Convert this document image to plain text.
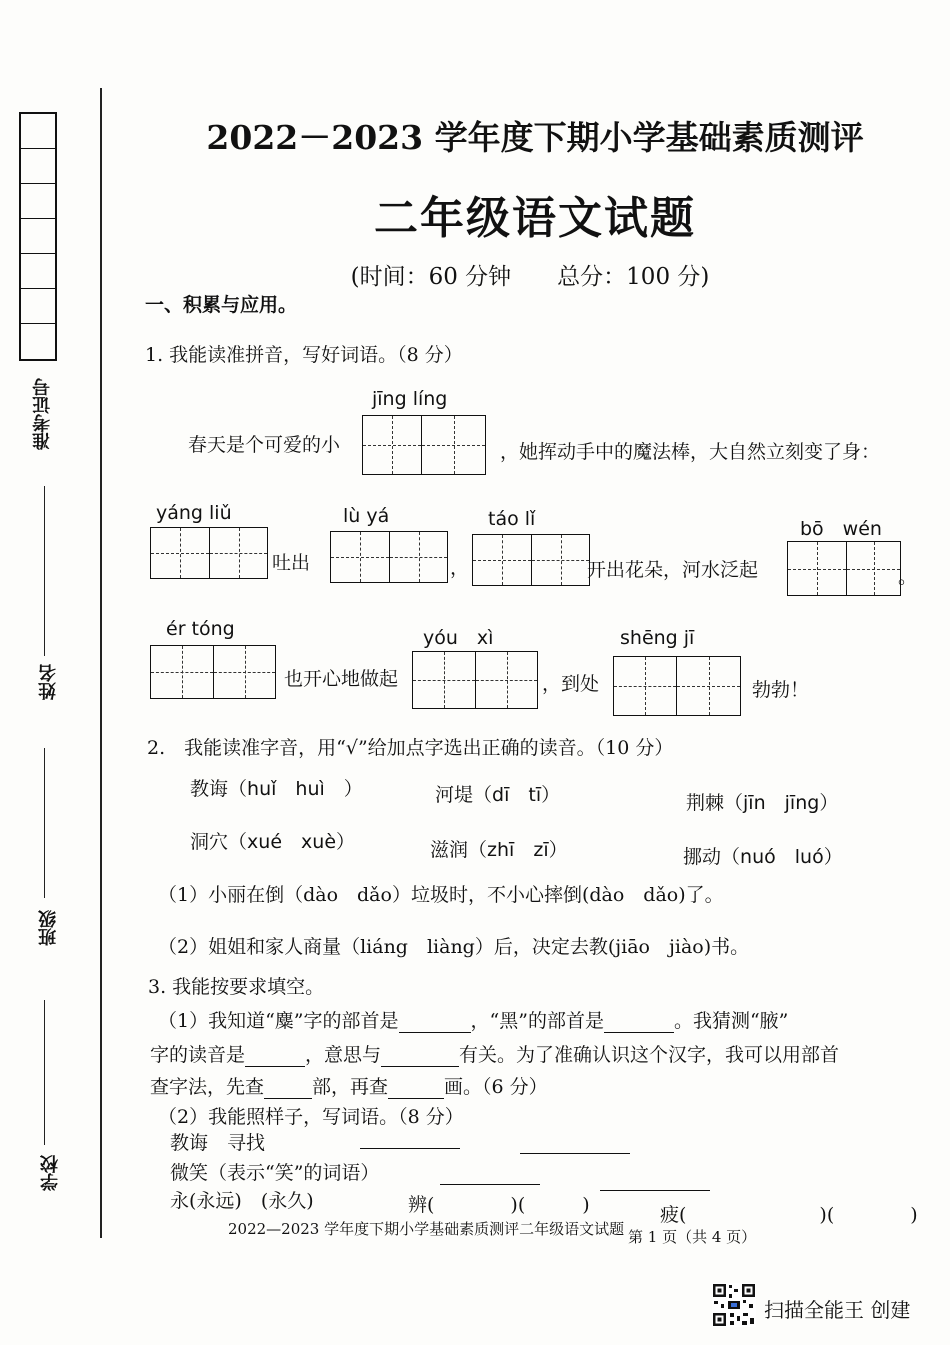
准考证号
姓名
班级
学校
2022－2023 学年度下期小学基础素质测评
二年级语文试题
(时间：60 分钟　　总分：100 分)
一、积累与应用。
1. 我能读准拼音，写好词语。（8 分）
jīng líng
春天是个可爱的小	，她挥动手中的魔法棒，大自然立刻变了身：
yáng liǔ
吐出
lù yá
，
táo lǐ
开出花朵，河水泛起
bō　wén
。
ér tóng
也开心地做起
yóu　xì
，到处
shēng jī
勃勃！
2.　我能读准字音，用“√”给加点字选出正确的读音。（10 分）
教诲（huǐ　 huì　）	河堤（dī　 tī）	荆棘（jīn　 jīng）
洞穴（xué　 xuè）	滋润（zhī　 zī）	挪动（nuó　 luó）
（1）小丽在倒（dào　dǎo）垃圾时，不小心摔倒(dào　dǎo)了。
（2）姐姐和家人商量（liáng　liàng）后，决定去教(jiāo　jiào)书。
3. 我能按要求填空。
（1）我知道“麋”字的部首是	，“黑”的部首是	。我猜测“腋”
字的读音是	，意思与	有关。为了准确认识这个汉字，我可以用部首
查字法，先查	部，再查	画。（6 分）
（2）我能照样子，写词语。（8 分）
教诲　寻找
微笑（表示“笑”的词语）
永(永远)　(永久)	辨(　　　　)(　　　)	疲(　　　　　　　)(　　　　)
2022—2023 学年度下期小学基础素质测评二年级语文试题 第 1 页（共 4 页）
扫描全能王 创建
